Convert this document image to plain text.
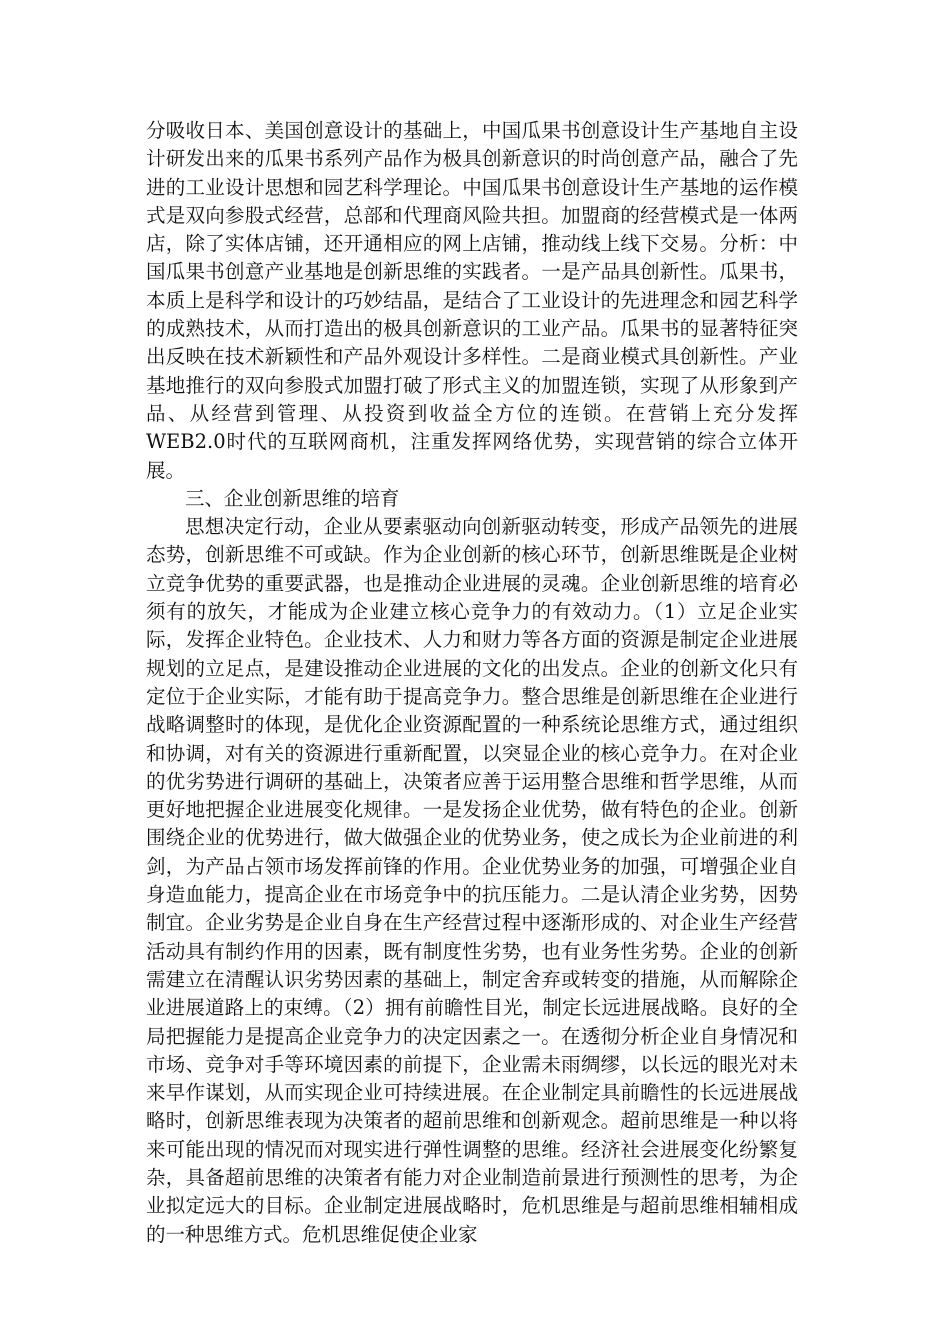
分吸收日本、美国创意设计的基础上，中国瓜果书创意设计生产基地自主设计研发出来的瓜果书系列产品作为极具创新意识的时尚创意产品，融合了先进的工业设计思想和园艺科学理论。中国瓜果书创意设计生产基地的运作模式是双向参股式经营，总部和代理商风险共担。加盟商的经营模式是一体两店，除了实体店铺，还开通相应的网上店铺，推动线上线下交易。分析：中国瓜果书创意产业基地是创新思维的实践者。一是产品具创新性。瓜果书，本质上是科学和设计的巧妙结晶，是结合了工业设计的先进理念和园艺科学的成熟技术，从而打造出的极具创新意识的工业产品。瓜果书的显著特征突出反映在技术新颖性和产品外观设计多样性。二是商业模式具创新性。产业基地推行的双向参股式加盟打破了形式主义的加盟连锁，实现了从形象到产品、从经营到管理、从投资到收益全方位的连锁。在营销上充分发挥WEB2.0时代的互联网商机，注重发挥网络优势，实现营销的综合立体开展。

三、企业创新思维的培育

思想决定行动，企业从要素驱动向创新驱动转变，形成产品领先的进展态势，创新思维不可或缺。作为企业创新的核心环节，创新思维既是企业树立竞争优势的重要武器，也是推动企业进展的灵魂。企业创新思维的培育必须有的放矢，才能成为企业建立核心竞争力的有效动力。（1）立足企业实际，发挥企业特色。企业技术、人力和财力等各方面的资源是制定企业进展规划的立足点，是建设推动企业进展的文化的出发点。企业的创新文化只有定位于企业实际，才能有助于提高竞争力。整合思维是创新思维在企业进行战略调整时的体现，是优化企业资源配置的一种系统论思维方式，通过组织和协调，对有关的资源进行重新配置，以突显企业的核心竞争力。在对企业的优劣势进行调研的基础上，决策者应善于运用整合思维和哲学思维，从而更好地把握企业进展变化规律。一是发扬企业优势，做有特色的企业。创新围绕企业的优势进行，做大做强企业的优势业务，使之成长为企业前进的利剑，为产品占领市场发挥前锋的作用。企业优势业务的加强，可增强企业自身造血能力，提高企业在市场竞争中的抗压能力。二是认清企业劣势，因势制宜。企业劣势是企业自身在生产经营过程中逐渐形成的、对企业生产经营活动具有制约作用的因素，既有制度性劣势，也有业务性劣势。企业的创新需建立在清醒认识劣势因素的基础上，制定舍弃或转变的措施，从而解除企业进展道路上的束缚。（2）拥有前瞻性目光，制定长远进展战略。良好的全局把握能力是提高企业竞争力的决定因素之一。在透彻分析企业自身情况和市场、竞争对手等环境因素的前提下，企业需未雨绸缪，以长远的眼光对未来早作谋划，从而实现企业可持续进展。在企业制定具前瞻性的长远进展战略时，创新思维表现为决策者的超前思维和创新观念。超前思维是一种以将来可能出现的情况而对现实进行弹性调整的思维。经济社会进展变化纷繁复杂，具备超前思维的决策者有能力对企业制造前景进行预测性的思考，为企业拟定远大的目标。企业制定进展战略时，危机思维是与超前思维相辅相成的一种思维方式。危机思维促使企业家
